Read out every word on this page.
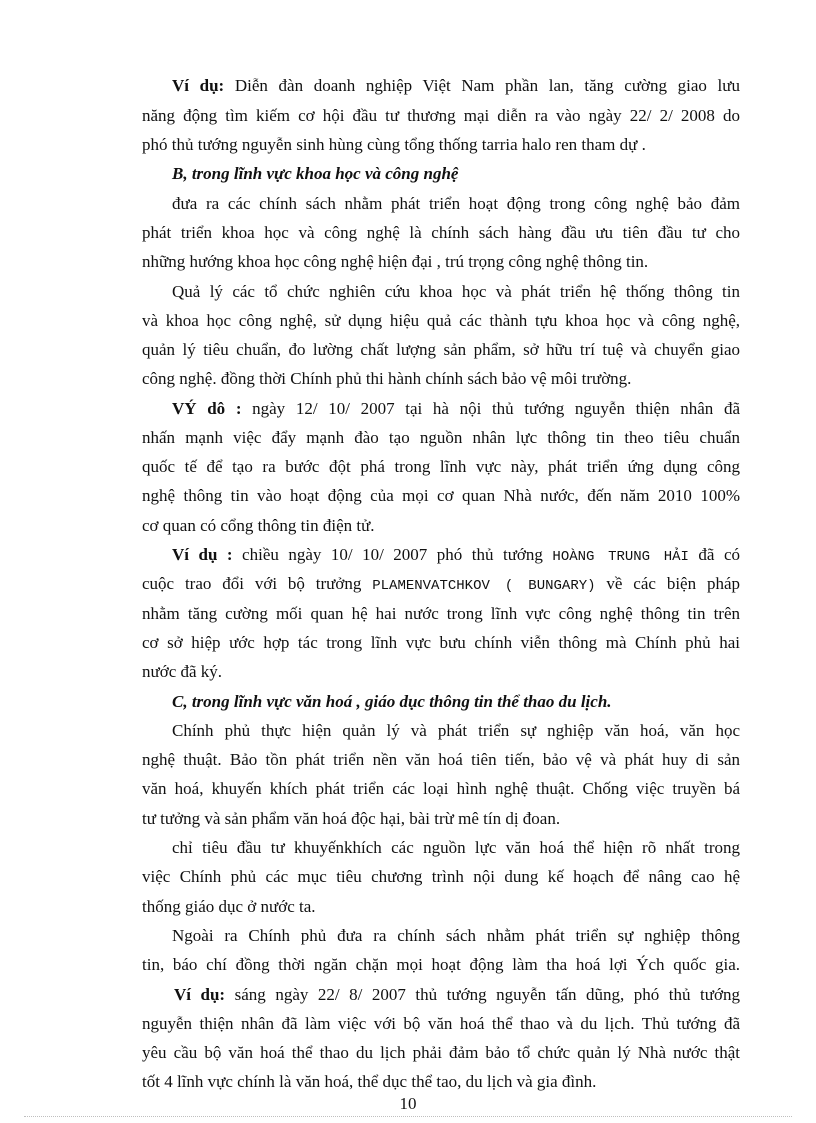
Ví dụ: Diễn đàn doanh nghiệp Việt Nam phần lan, tăng cường giao lưu
năng động tìm kiếm cơ hội đầu tư thương mại diễn ra vào ngày 22/ 2/ 2008 do
phó thủ tướng nguyễn sinh hùng cùng tổng thống tarria halo ren tham dự .
B, trong lĩnh vực khoa học và công nghệ
đưa ra các chính sách nhằm phát triển hoạt động trong công nghệ bảo đảm
phát triển khoa học và công nghệ là chính sách hàng đầu ưu tiên đầu tư cho
những hướng khoa học công nghệ hiện đại , trú trọng công nghệ thông tin.
Quả lý các tổ chức nghiên cứu khoa học và phát triển hệ thống thông tin
và khoa học công nghệ, sử dụng hiệu quả các thành tựu khoa học và công nghệ,
quản lý tiêu chuẩn, đo lường chất lượng sản phẩm, sở hữu trí tuệ và chuyển giao
công nghệ. đồng thời Chính phủ thi hành chính sách bảo vệ môi trường.
VÝ dô : ngày 12/ 10/ 2007 tại hà nội thủ tướng nguyễn thiện nhân đã
nhấn mạnh việc đẩy mạnh đào tạo nguồn nhân lực thông tin theo tiêu chuẩn
quốc tế để tạo ra bước đột phá trong lĩnh vực này, phát triển ứng dụng công
nghệ thông tin vào hoạt động của mọi cơ quan Nhà nước, đến năm 2010 100%
cơ quan có cổng thông tin điện tử.
Ví dụ : chiều ngày 10/ 10/ 2007 phó thủ tướng HOÀNG TRUNG HẢI đã có
cuộc trao đổi với bộ trưởng PLAMENVATCHKOV ( BUNGARY) về các biện pháp
nhằm tăng cường mối quan hệ hai nước trong lĩnh vực công nghệ thông tin trên
cơ sở hiệp ước hợp tác trong lĩnh vực bưu chính viễn thông mà Chính phủ hai
nước đã ký.
C, trong lĩnh vực văn hoá , giáo dục thông tin thể thao du lịch.
Chính phủ thực hiện quản lý và phát triển sự nghiệp văn hoá, văn học
nghệ thuật. Bảo tồn phát triển nền văn hoá tiên tiến, bảo vệ và phát huy di sản
văn hoá, khuyến khích phát triển các loại hình nghệ thuật. Chống việc truyền bá
tư tưởng và sản phẩm văn hoá độc hại, bài trừ mê tín dị đoan.
chỉ tiêu đầu tư khuyếnkhích các nguồn lực văn hoá thể hiện rõ nhất trong
việc Chính phủ các mục tiêu chương trình nội dung kế hoạch để nâng cao hệ
thống giáo dục ở nước ta.
Ngoài ra Chính phủ đưa ra chính sách nhằm phát triển sự nghiệp thông
tin, báo chí đồng thời ngăn chặn mọi hoạt động làm tha hoá lợi Ých quốc gia.
Ví dụ: sáng ngày 22/ 8/ 2007 thủ tướng nguyễn tấn dũng, phó thủ tướng
nguyễn thiện nhân đã làm việc với bộ văn hoá thể thao và du lịch. Thủ tướng đã
yêu cầu bộ văn hoá thể thao du lịch phải đảm bảo tổ chức quản lý Nhà nước thật
tốt 4 lĩnh vực chính là văn hoá, thể dục thể tao, du lịch và gia đình.
10
